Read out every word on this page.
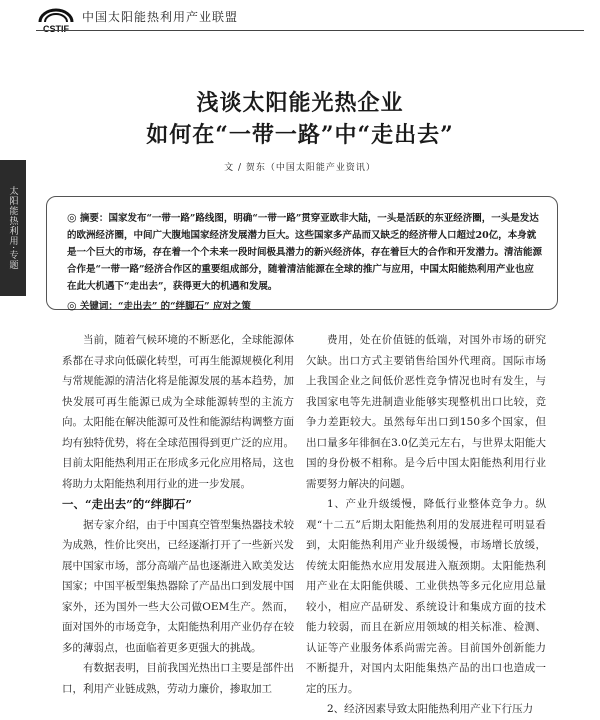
CSTIF
中国太阳能热利用产业联盟
太阳能热利用·专题
浅谈太阳能光热企业
如何在“一带一路”中“走出去”
文 / 贺东（中国太阳能产业资讯）
◎ 摘要：国家发布“一带一路”路线图，明确“一带一路”贯穿亚欧非大陆，一头是活跃的东亚经济圈，一头是发达的欧洲经济圈，中间广大腹地国家经济发展潜力巨大。这些国家多产品而又缺乏的经济带人口超过20亿，本身就是一个巨大的市场，存在着一个个未来一段时间极具潜力的新兴经济体，存在着巨大的合作和开发潜力。清洁能源合作是“一带一路”经济合作区的重要组成部分，随着清洁能源在全球的推广与应用，中国太阳能热利用产业也应在此大机遇下“走出去”，获得更大的机遇和发展。
◎ 关键词：“走出去” 的“绊脚石” 应对之策

当前，随着气候环境的不断恶化，全球能源体系都在寻求向低碳化转型，可再生能源规模化利用与常规能源的清洁化将是能源发展的基本趋势，加快发展可再生能源已成为全球能源转型的主流方向。太阳能在解决能源可及性和能源结构调整方面均有独特优势，将在全球范围得到更广泛的应用。目前太阳能热利用正在形成多元化应用格局，这也将助力太阳能热利用行业的进一步发展。

一、“走出去”的“绊脚石”

据专家介绍，由于中国真空管型集热器技术较为成熟，性价比突出，已经逐渐打开了一些新兴发展中国家市场，部分高端产品也逐渐进入欧美发达国家；中国平板型集热器除了产品出口到发展中国家外，还为国外一些大公司做OEM生产。然而，面对国外的市场竞争，太阳能热利用产业仍存在较多的薄弱点，也面临着更多更强大的挑战。

有数据表明，目前我国光热出口主要是部件出口，利用产业链成熟，劳动力廉价，掺取加工

费用，处在价值链的低端，对国外市场的研究欠缺。出口方式主要销售给国外代理商。国际市场上我国企业之间低价恶性竞争情况也时有发生，与我国家电等先进制造业能够实现整机出口比较，竞争力差距较大。虽然每年出口到150多个国家，但出口量多年徘徊在3.0亿美元左右，与世界太阳能大国的身份极不相称。是今后中国太阳能热利用行业需要努力解决的问题。

1、产业升级缓慢，降低行业整体竞争力。纵观“十二五”后期太阳能热利用的发展进程可明显看到，太阳能热利用产业升级缓慢，市场增长放缓，传统太阳能热水应用发展进入瓶颈期。太阳能热利用产业在太阳能供暖、工业供热等多元化应用总量较小，相应产品研发、系统设计和集成方面的技术能力较弱，而且在新应用领域的相关标准、检测、认证等产业服务体系尚需完善。目前国外创新能力不断提升，对国内太阳能集热产品的出口也造成一定的压力。

2、经济因素导致太阳能热利用产业下行压力
